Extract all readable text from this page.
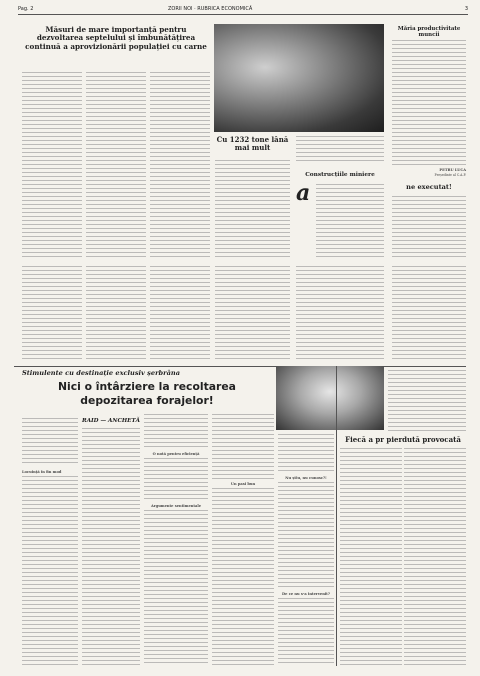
Pag. 2	ZORII NOI · RUBRICA ECONOMICĂ	3
Măsuri de mare importanță pentru dezvoltarea septelului și îmbunătățirea continuă a aprovizionării populației cu carne
Cu 1232 tone lână mai mult
Construcțiile miniere
a
Măria productivitate muncii
PETRU LUCA
Președinte al C.A.P.
ne executat!
Stimulente cu destinație exclusiv șerbrâna
Nici o întârziere la recoltarea
depozitarea forajelor!
RAID — ANCHETĂ
Locuință în fin mod
O notă pentru eficiență
Argumente sentimentale
Un pasi bun
Nu știu, nu cunosc?!
De ce nu s-a intervenit?
Fiecă a pr pierdută provocată
